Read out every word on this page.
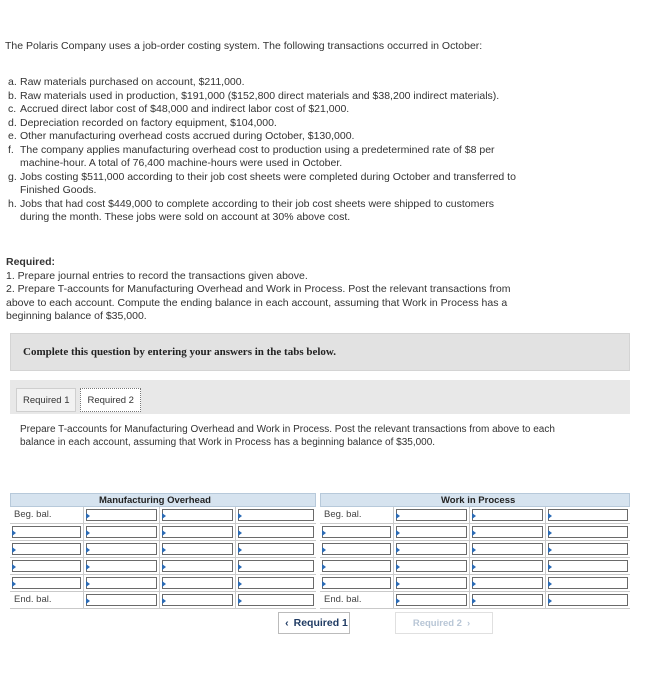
The Polaris Company uses a job-order costing system. The following transactions occurred in October:
a. Raw materials purchased on account, $211,000.
b. Raw materials used in production, $191,000 ($152,800 direct materials and $38,200 indirect materials).
c. Accrued direct labor cost of $48,000 and indirect labor cost of $21,000.
d. Depreciation recorded on factory equipment, $104,000.
e. Other manufacturing overhead costs accrued during October, $130,000.
f. The company applies manufacturing overhead cost to production using a predetermined rate of $8 per
machine-hour. A total of 76,400 machine-hours were used in October.
g. Jobs costing $511,000 according to their job cost sheets were completed during October and transferred to
Finished Goods.
h. Jobs that had cost $449,000 to complete according to their job cost sheets were shipped to customers
during the month. These jobs were sold on account at 30% above cost.
Required:
1. Prepare journal entries to record the transactions given above.
2. Prepare T-accounts for Manufacturing Overhead and Work in Process. Post the relevant transactions from
above to each account. Compute the ending balance in each account, assuming that Work in Process has a
beginning balance of $35,000.
Complete this question by entering your answers in the tabs below.
Required 1	Required 2
Prepare T-accounts for Manufacturing Overhead and Work in Process. Post the relevant transactions from above to each
balance in each account, assuming that Work in Process has a beginning balance of $35,000.
Manufacturing Overhead
Beg. bal.
End. bal.
Work in Process
Beg. bal.
End. bal.
‹ Required 1	Required 2 ›
